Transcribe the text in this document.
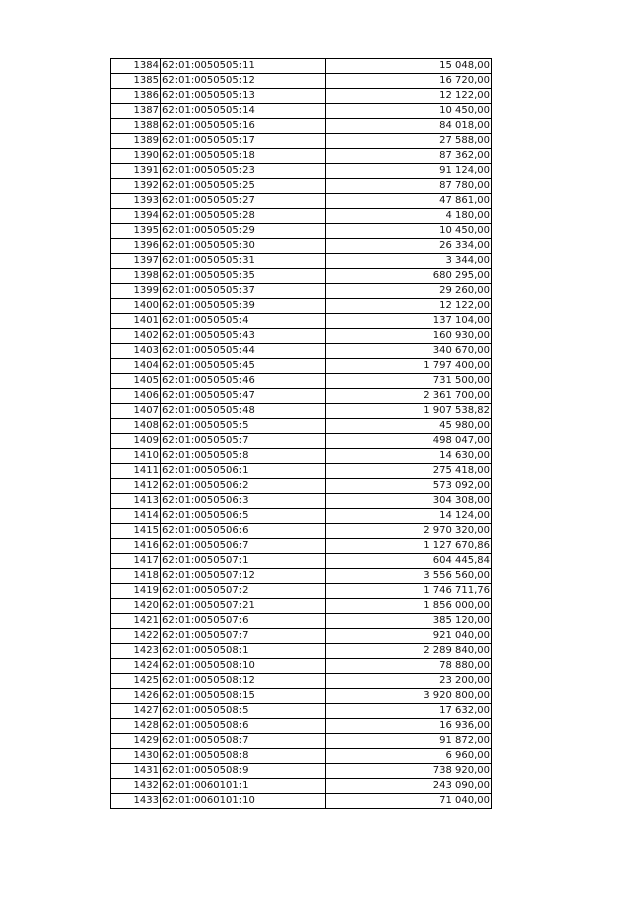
1384	62:01:0050505:11	15 048,00
1385	62:01:0050505:12	16 720,00
1386	62:01:0050505:13	12 122,00
1387	62:01:0050505:14	10 450,00
1388	62:01:0050505:16	84 018,00
1389	62:01:0050505:17	27 588,00
1390	62:01:0050505:18	87 362,00
1391	62:01:0050505:23	91 124,00
1392	62:01:0050505:25	87 780,00
1393	62:01:0050505:27	47 861,00
1394	62:01:0050505:28	4 180,00
1395	62:01:0050505:29	10 450,00
1396	62:01:0050505:30	26 334,00
1397	62:01:0050505:31	3 344,00
1398	62:01:0050505:35	680 295,00
1399	62:01:0050505:37	29 260,00
1400	62:01:0050505:39	12 122,00
1401	62:01:0050505:4	137 104,00
1402	62:01:0050505:43	160 930,00
1403	62:01:0050505:44	340 670,00
1404	62:01:0050505:45	1 797 400,00
1405	62:01:0050505:46	731 500,00
1406	62:01:0050505:47	2 361 700,00
1407	62:01:0050505:48	1 907 538,82
1408	62:01:0050505:5	45 980,00
1409	62:01:0050505:7	498 047,00
1410	62:01:0050505:8	14 630,00
1411	62:01:0050506:1	275 418,00
1412	62:01:0050506:2	573 092,00
1413	62:01:0050506:3	304 308,00
1414	62:01:0050506:5	14 124,00
1415	62:01:0050506:6	2 970 320,00
1416	62:01:0050506:7	1 127 670,86
1417	62:01:0050507:1	604 445,84
1418	62:01:0050507:12	3 556 560,00
1419	62:01:0050507:2	1 746 711,76
1420	62:01:0050507:21	1 856 000,00
1421	62:01:0050507:6	385 120,00
1422	62:01:0050507:7	921 040,00
1423	62:01:0050508:1	2 289 840,00
1424	62:01:0050508:10	78 880,00
1425	62:01:0050508:12	23 200,00
1426	62:01:0050508:15	3 920 800,00
1427	62:01:0050508:5	17 632,00
1428	62:01:0050508:6	16 936,00
1429	62:01:0050508:7	91 872,00
1430	62:01:0050508:8	6 960,00
1431	62:01:0050508:9	738 920,00
1432	62:01:0060101:1	243 090,00
1433	62:01:0060101:10	71 040,00
